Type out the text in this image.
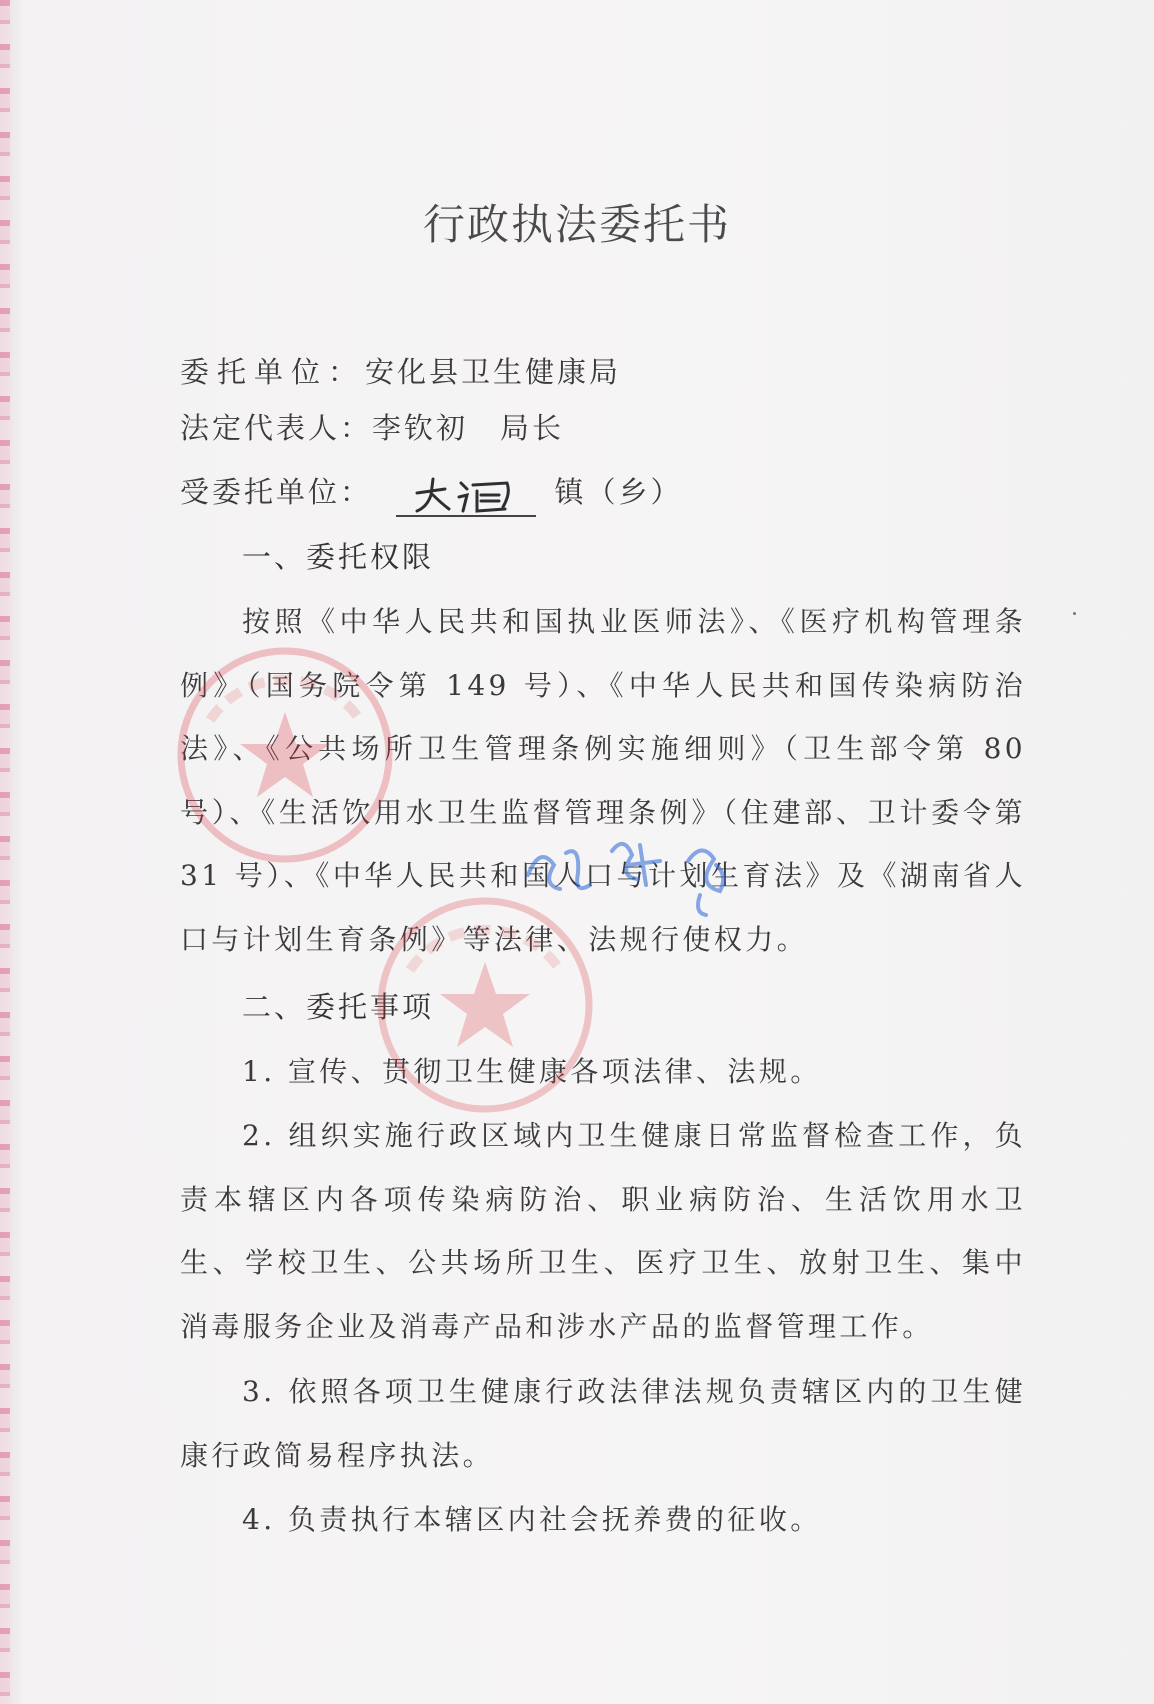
行政执法委托书
委托单位：安化县卫生健康局
法定代表人：李钦初　局长
受委托单位：	镇（乡）
一、委托权限
按照《中华人民共和国执业医师法》、《医疗机构管理条例》（国务院令第 149 号）、《中华人民共和国传染病防治法》、《公共场所卫生管理条例实施细则》（卫生部令第 80 号）、《生活饮用水卫生监督管理条例》（住建部、卫计委令第 31 号）、《中华人民共和国人口与计划生育法》及《湖南省人口与计划生育条例》等法律、法规行使权力。
二、委托事项
1. 宣传、贯彻卫生健康各项法律、法规。
2. 组织实施行政区域内卫生健康日常监督检查工作，负责本辖区内各项传染病防治、职业病防治、生活饮用水卫生、学校卫生、公共场所卫生、医疗卫生、放射卫生、集中消毒服务企业及消毒产品和涉水产品的监督管理工作。
3. 依照各项卫生健康行政法律法规负责辖区内的卫生健康行政简易程序执法。
4. 负责执行本辖区内社会抚养费的征收。
